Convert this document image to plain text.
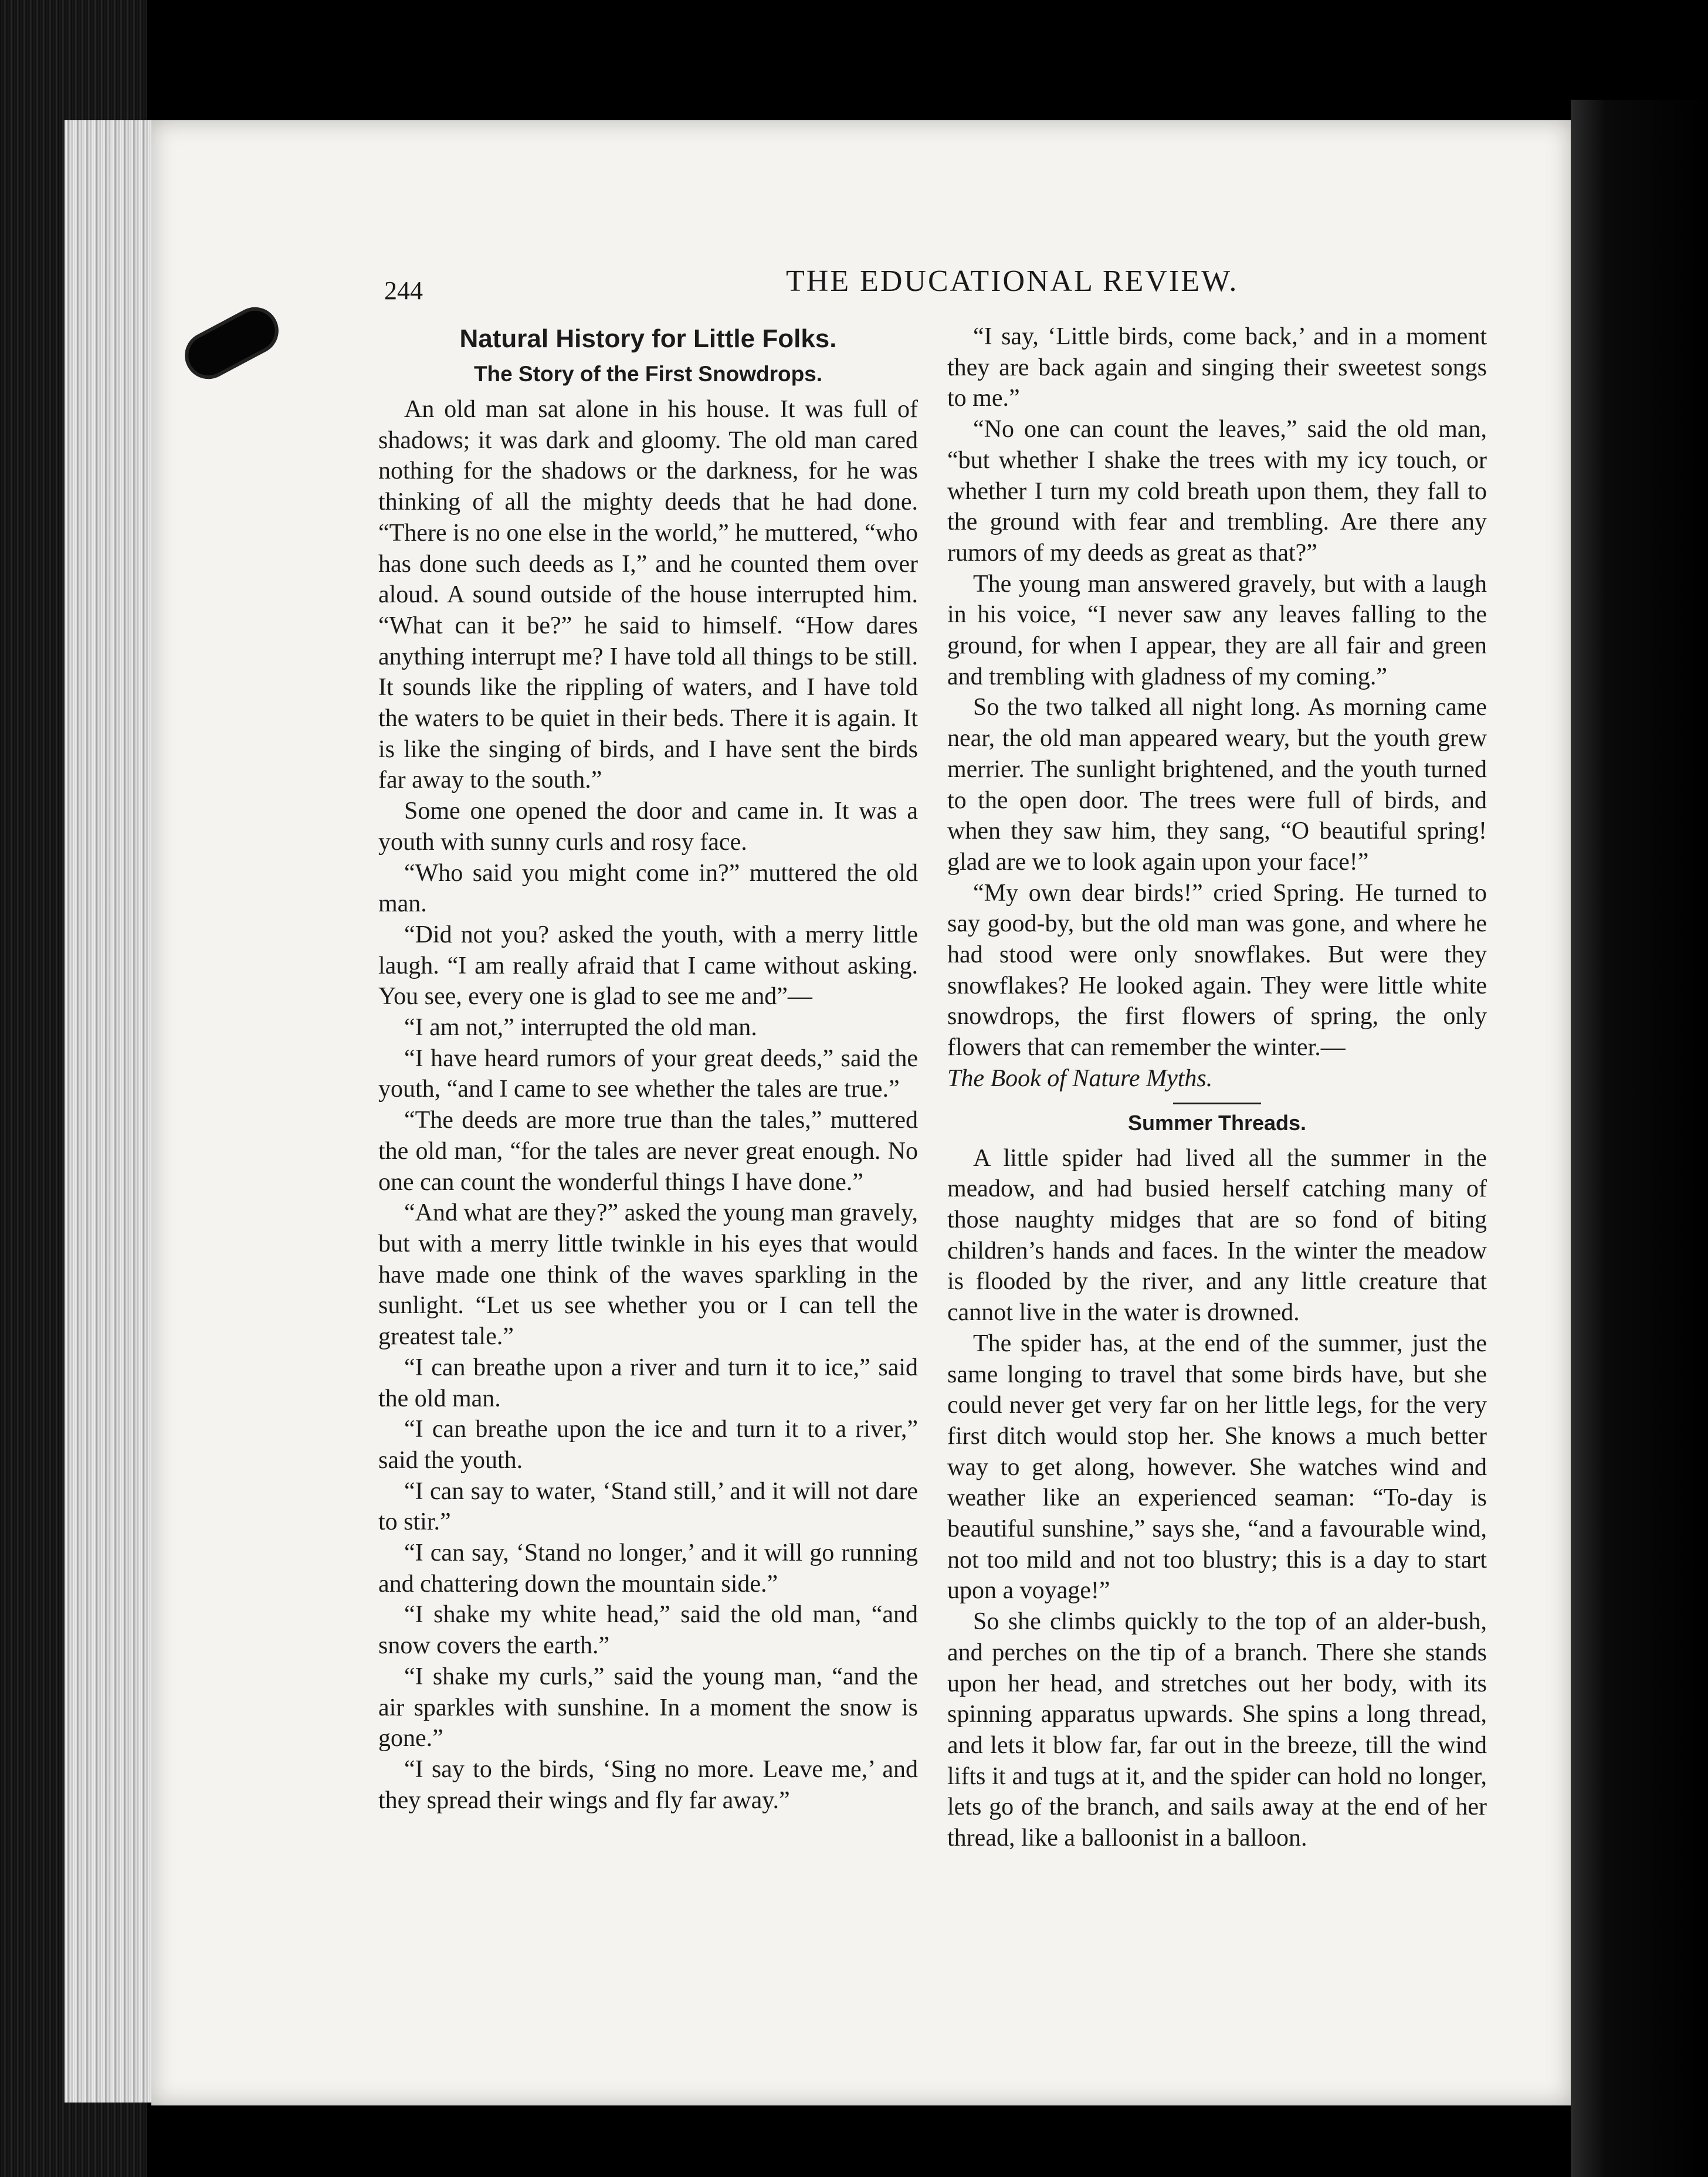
244	THE EDUCATIONAL REVIEW.
Natural History for Little Folks.
The Story of the First Snowdrops.

An old man sat alone in his house. It was full of shadows; it was dark and gloomy. The old man cared nothing for the shadows or the darkness, for he was thinking of all the mighty deeds that he had done. “There is no one else in the world,” he muttered, “who has done such deeds as I,” and he counted them over aloud. A sound outside of the house interrupted him. “What can it be?” he said to himself. “How dares anything interrupt me? I have told all things to be still. It sounds like the rippling of waters, and I have told the waters to be quiet in their beds. There it is again. It is like the singing of birds, and I have sent the birds far away to the south.”

Some one opened the door and came in. It was a youth with sunny curls and rosy face.

“Who said you might come in?” muttered the old man.

“Did not you? asked the youth, with a merry little laugh. “I am really afraid that I came without asking. You see, every one is glad to see me and”—

“I am not,” interrupted the old man.

“I have heard rumors of your great deeds,” said the youth, “and I came to see whether the tales are true.”

“The deeds are more true than the tales,” muttered the old man, “for the tales are never great enough. No one can count the wonderful things I have done.”

“And what are they?” asked the young man gravely, but with a merry little twinkle in his eyes that would have made one think of the waves sparkling in the sunlight. “Let us see whether you or I can tell the greatest tale.”

“I can breathe upon a river and turn it to ice,” said the old man.

“I can breathe upon the ice and turn it to a river,” said the youth.

“I can say to water, ‘Stand still,’ and it will not dare to stir.”

“I can say, ‘Stand no longer,’ and it will go running and chattering down the mountain side.”

“I shake my white head,” said the old man, “and snow covers the earth.”

“I shake my curls,” said the young man, “and the air sparkles with sunshine. In a moment the snow is gone.”

“I say to the birds, ‘Sing no more. Leave me,’ and they spread their wings and fly far away.”

“I say, ‘Little birds, come back,’ and in a moment they are back again and singing their sweetest songs to me.”

“No one can count the leaves,” said the old man, “but whether I shake the trees with my icy touch, or whether I turn my cold breath upon them, they fall to the ground with fear and trembling. Are there any rumors of my deeds as great as that?”

The young man answered gravely, but with a laugh in his voice, “I never saw any leaves falling to the ground, for when I appear, they are all fair and green and trembling with gladness of my coming.”

So the two talked all night long. As morning came near, the old man appeared weary, but the youth grew merrier. The sunlight brightened, and the youth turned to the open door. The trees were full of birds, and when they saw him, they sang, “O beautiful spring! glad are we to look again upon your face!”

“My own dear birds!” cried Spring. He turned to say good-by, but the old man was gone, and where he had stood were only snowflakes. But were they snowflakes? He looked again. They were little white snowdrops, the first flowers of spring, the only flowers that can remember the winter.—

The Book of Nature Myths.

Summer Threads.

A little spider had lived all the summer in the meadow, and had busied herself catching many of those naughty midges that are so fond of biting children’s hands and faces. In the winter the meadow is flooded by the river, and any little creature that cannot live in the water is drowned.

The spider has, at the end of the summer, just the same longing to travel that some birds have, but she could never get very far on her little legs, for the very first ditch would stop her. She knows a much better way to get along, however. She watches wind and weather like an experienced seaman: “To-day is beautiful sunshine,” says she, “and a favourable wind, not too mild and not too blustry; this is a day to start upon a voyage!”

So she climbs quickly to the top of an alder-bush, and perches on the tip of a branch. There she stands upon her head, and stretches out her body, with its spinning apparatus upwards. She spins a long thread, and lets it blow far, far out in the breeze, till the wind lifts it and tugs at it, and the spider can hold no longer, lets go of the branch, and sails away at the end of her thread, like a balloonist in a balloon.
